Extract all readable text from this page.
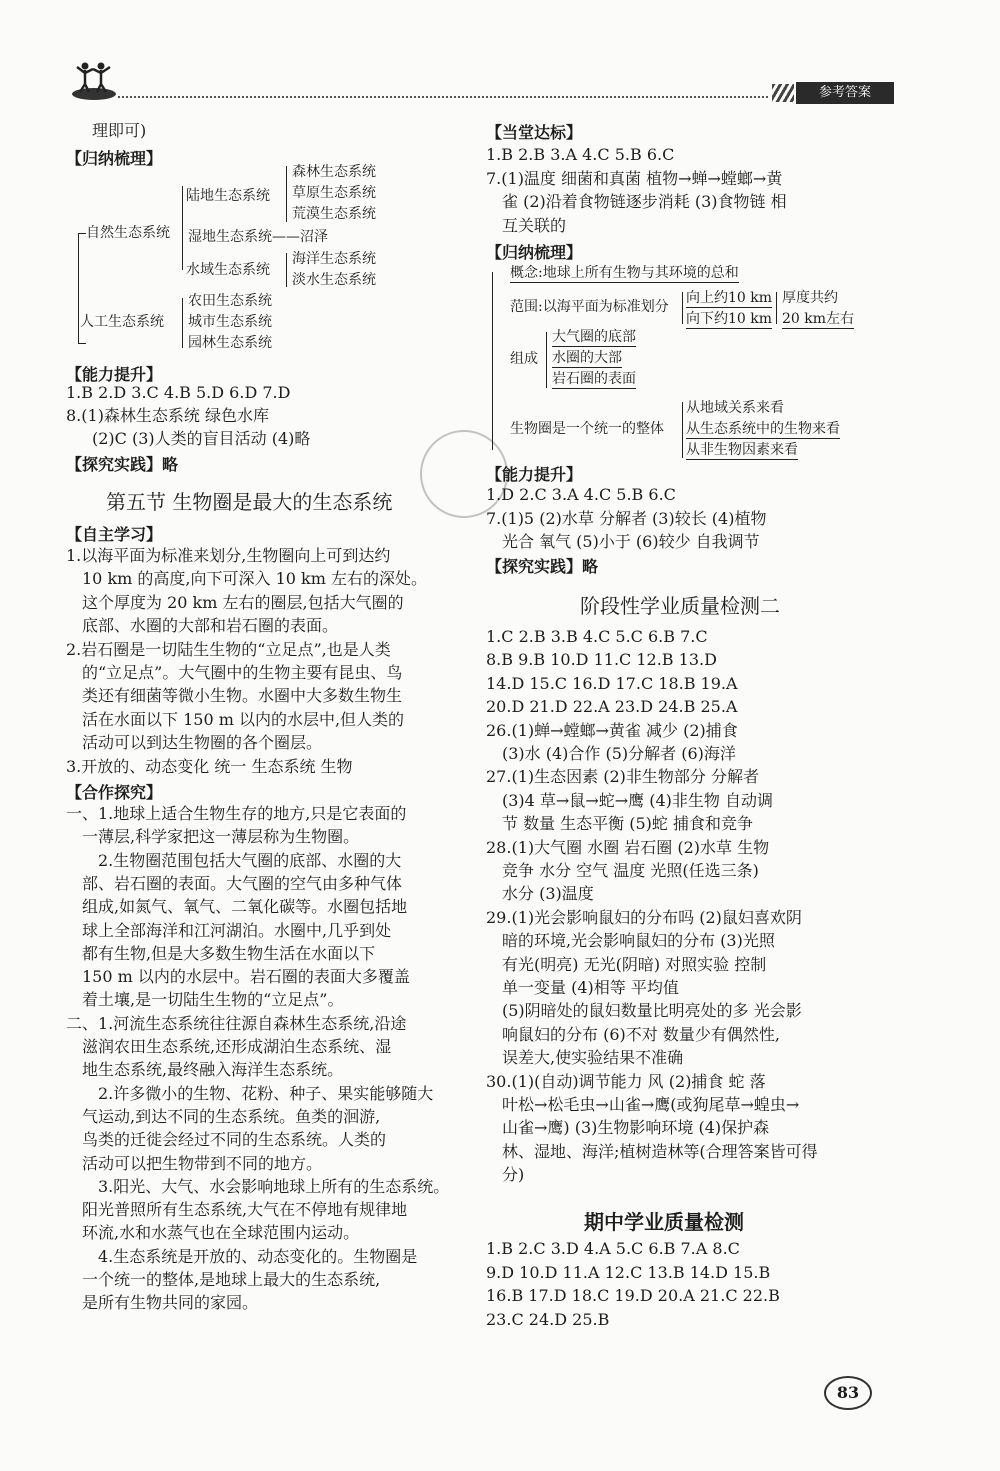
参考答案
理即可)
【归纳梳理】
自然生态系统
人工生态系统
陆地生态系统
森林生态系统
草原生态系统
荒漠生态系统
湿地生态系统——沼泽
水域生态系统
海洋生态系统
淡水生态系统
农田生态系统
城市生态系统
园林生态系统
【能力提升】
1.B 2.D 3.C 4.B 5.D 6.D 7.D
8.(1)森林生态系统 绿色水库
(2)C (3)人类的盲目活动 (4)略
【探究实践】略
第五节 生物圈是最大的生态系统
【自主学习】
1.以海平面为标准来划分,生物圈向上可到达约
10 km 的高度,向下可深入 10 km 左右的深处。
这个厚度为 20 km 左右的圈层,包括大气圈的
底部、水圈的大部和岩石圈的表面。
2.岩石圈是一切陆生生物的“立足点”,也是人类
的“立足点”。大气圈中的生物主要有昆虫、鸟
类还有细菌等微小生物。水圈中大多数生物生
活在水面以下 150 m 以内的水层中,但人类的
活动可以到达生物圈的各个圈层。
3.开放的、动态变化 统一 生态系统 生物
【合作探究】
一、1.地球上适合生物生存的地方,只是它表面的
一薄层,科学家把这一薄层称为生物圈。
2.生物圈范围包括大气圈的底部、水圈的大
部、岩石圈的表面。大气圈的空气由多种气体
组成,如氮气、氧气、二氧化碳等。水圈包括地
球上全部海洋和江河湖泊。水圈中,几乎到处
都有生物,但是大多数生物生活在水面以下
150 m 以内的水层中。岩石圈的表面大多覆盖
着土壤,是一切陆生生物的“立足点”。
二、1.河流生态系统往往源自森林生态系统,沿途
滋润农田生态系统,还形成湖泊生态系统、湿
地生态系统,最终融入海洋生态系统。
2.许多微小的生物、花粉、种子、果实能够随大
气运动,到达不同的生态系统。鱼类的洄游,
鸟类的迁徙会经过不同的生态系统。人类的
活动可以把生物带到不同的地方。
3.阳光、大气、水会影响地球上所有的生态系统。
阳光普照所有生态系统,大气在不停地有规律地
环流,水和水蒸气也在全球范围内运动。
4.生态系统是开放的、动态变化的。生物圈是
一个统一的整体,是地球上最大的生态系统,
是所有生物共同的家园。
【当堂达标】
1.B 2.B 3.A 4.C 5.B 6.C
7.(1)温度 细菌和真菌 植物→蝉→螳螂→黄
雀 (2)沿着食物链逐步消耗 (3)食物链 相
互关联的
【归纳梳理】
概念:地球上所有生物与其环境的总和
范围:以海平面为标准划分
向上约10 km
向下约10 km
厚度共约
20 km左右
组成
大气圈的底部
水圈的大部
岩石圈的表面
生物圈是一个统一的整体
从地域关系来看
从生态系统中的生物来看
从非生物因素来看
【能力提升】
1.D 2.C 3.A 4.C 5.B 6.C
7.(1)5 (2)水草 分解者 (3)较长 (4)植物
光合 氧气 (5)小于 (6)较少 自我调节
【探究实践】略
阶段性学业质量检测二
1.C 2.B 3.B 4.C 5.C 6.B 7.C
8.B 9.B 10.D 11.C 12.B 13.D
14.D 15.C 16.D 17.C 18.B 19.A
20.D 21.D 22.A 23.D 24.B 25.A
26.(1)蝉→螳螂→黄雀 减少 (2)捕食
(3)水 (4)合作 (5)分解者 (6)海洋
27.(1)生态因素 (2)非生物部分 分解者
(3)4 草→鼠→蛇→鹰 (4)非生物 自动调
节 数量 生态平衡 (5)蛇 捕食和竞争
28.(1)大气圈 水圈 岩石圈 (2)水草 生物
竞争 水分 空气 温度 光照(任选三条)
水分 (3)温度
29.(1)光会影响鼠妇的分布吗 (2)鼠妇喜欢阴
暗的环境,光会影响鼠妇的分布 (3)光照
有光(明亮) 无光(阴暗) 对照实验 控制
单一变量 (4)相等 平均值
(5)阴暗处的鼠妇数量比明亮处的多 光会影
响鼠妇的分布 (6)不对 数量少有偶然性,
误差大,使实验结果不准确
30.(1)(自动)调节能力 风 (2)捕食 蛇 落
叶松→松毛虫→山雀→鹰(或狗尾草→蝗虫→
山雀→鹰) (3)生物影响环境 (4)保护森
林、湿地、海洋;植树造林等(合理答案皆可得
分)
期中学业质量检测
1.B 2.C 3.D 4.A 5.C 6.B 7.A 8.C
9.D 10.D 11.A 12.C 13.B 14.D 15.B
16.B 17.D 18.C 19.D 20.A 21.C 22.B
23.C 24.D 25.B
83
